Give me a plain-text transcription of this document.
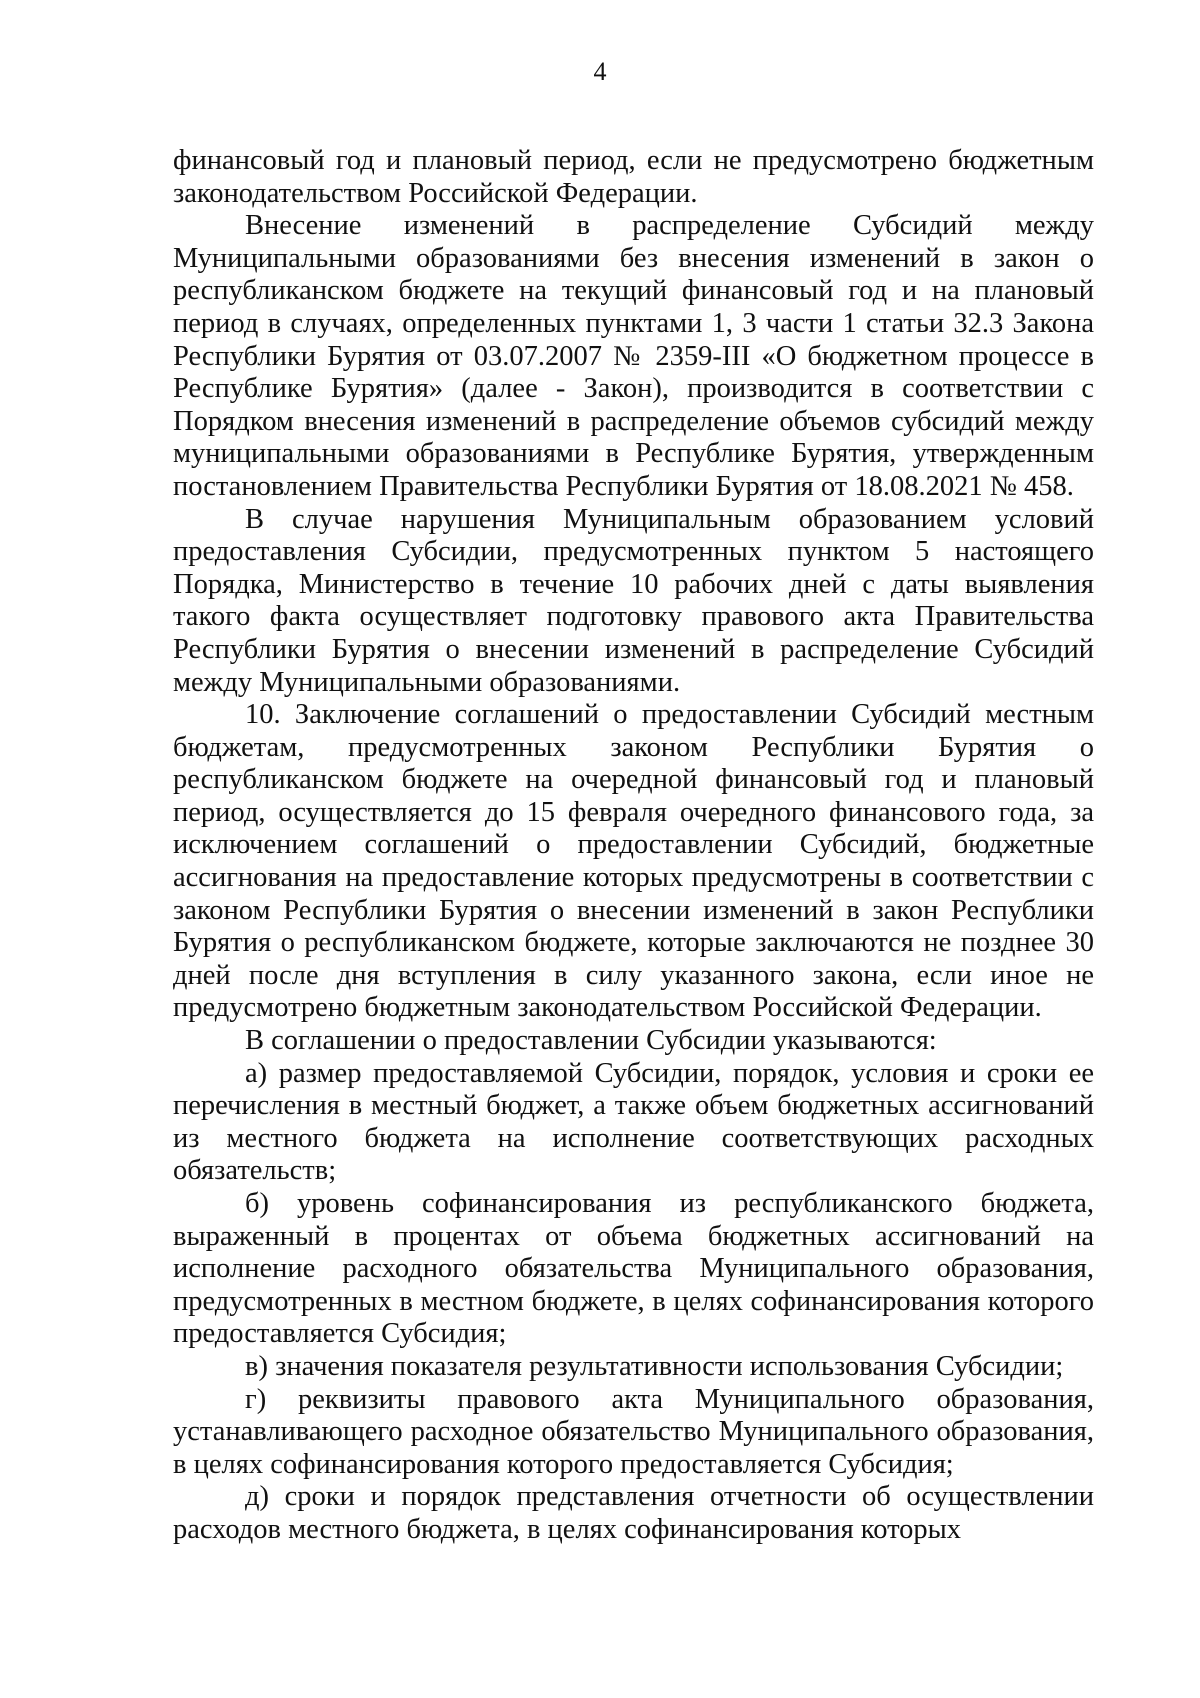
4

финансовый год и плановый период, если не предусмотрено бюджетным законодательством Российской Федерации.

Внесение изменений в распределение Субсидий между Муниципальными образованиями без внесения изменений в закон о республиканском бюджете на текущий финансовый год и на плановый период в случаях, определенных пунктами 1, 3 части 1 статьи 32.3 Закона Республики Бурятия от 03.07.2007 № 2359-III «О бюджетном процессе в Республике Бурятия» (далее - Закон), производится в соответствии с Порядком внесения изменений в распределение объемов субсидий между муниципальными образованиями в Республике Бурятия, утвержденным постановлением Правительства Республики Бурятия от 18.08.2021 № 458.

В случае нарушения Муниципальным образованием условий предоставления Субсидии, предусмотренных пунктом 5 настоящего Порядка, Министерство в течение 10 рабочих дней с даты выявления такого факта осуществляет подготовку правового акта Правительства Республики Бурятия о внесении изменений в распределение Субсидий между Муниципальными образованиями.

10. Заключение соглашений о предоставлении Субсидий местным бюджетам, предусмотренных законом Республики Бурятия о республиканском бюджете на очередной финансовый год и плановый период, осуществляется до 15 февраля очередного финансового года, за исключением соглашений о предоставлении Субсидий, бюджетные ассигнования на предоставление которых предусмотрены в соответствии с законом Республики Бурятия о внесении изменений в закон Республики Бурятия о республиканском бюджете, которые заключаются не позднее 30 дней после дня вступления в силу указанного закона, если иное не предусмотрено бюджетным законодательством Российской Федерации.

В соглашении о предоставлении Субсидии указываются:

а) размер предоставляемой Субсидии, порядок, условия и сроки ее перечисления в местный бюджет, а также объем бюджетных ассигнований из местного бюджета на исполнение соответствующих расходных обязательств;

б) уровень софинансирования из республиканского бюджета, выраженный в процентах от объема бюджетных ассигнований на исполнение расходного обязательства Муниципального образования, предусмотренных в местном бюджете, в целях софинансирования которого предоставляется Субсидия;

в) значения показателя результативности использования Субсидии;

г) реквизиты правового акта Муниципального образования, устанавливающего расходное обязательство Муниципального образования, в целях софинансирования которого предоставляется Субсидия;

д) сроки и порядок представления отчетности об осуществлении расходов местного бюджета, в целях софинансирования которых
